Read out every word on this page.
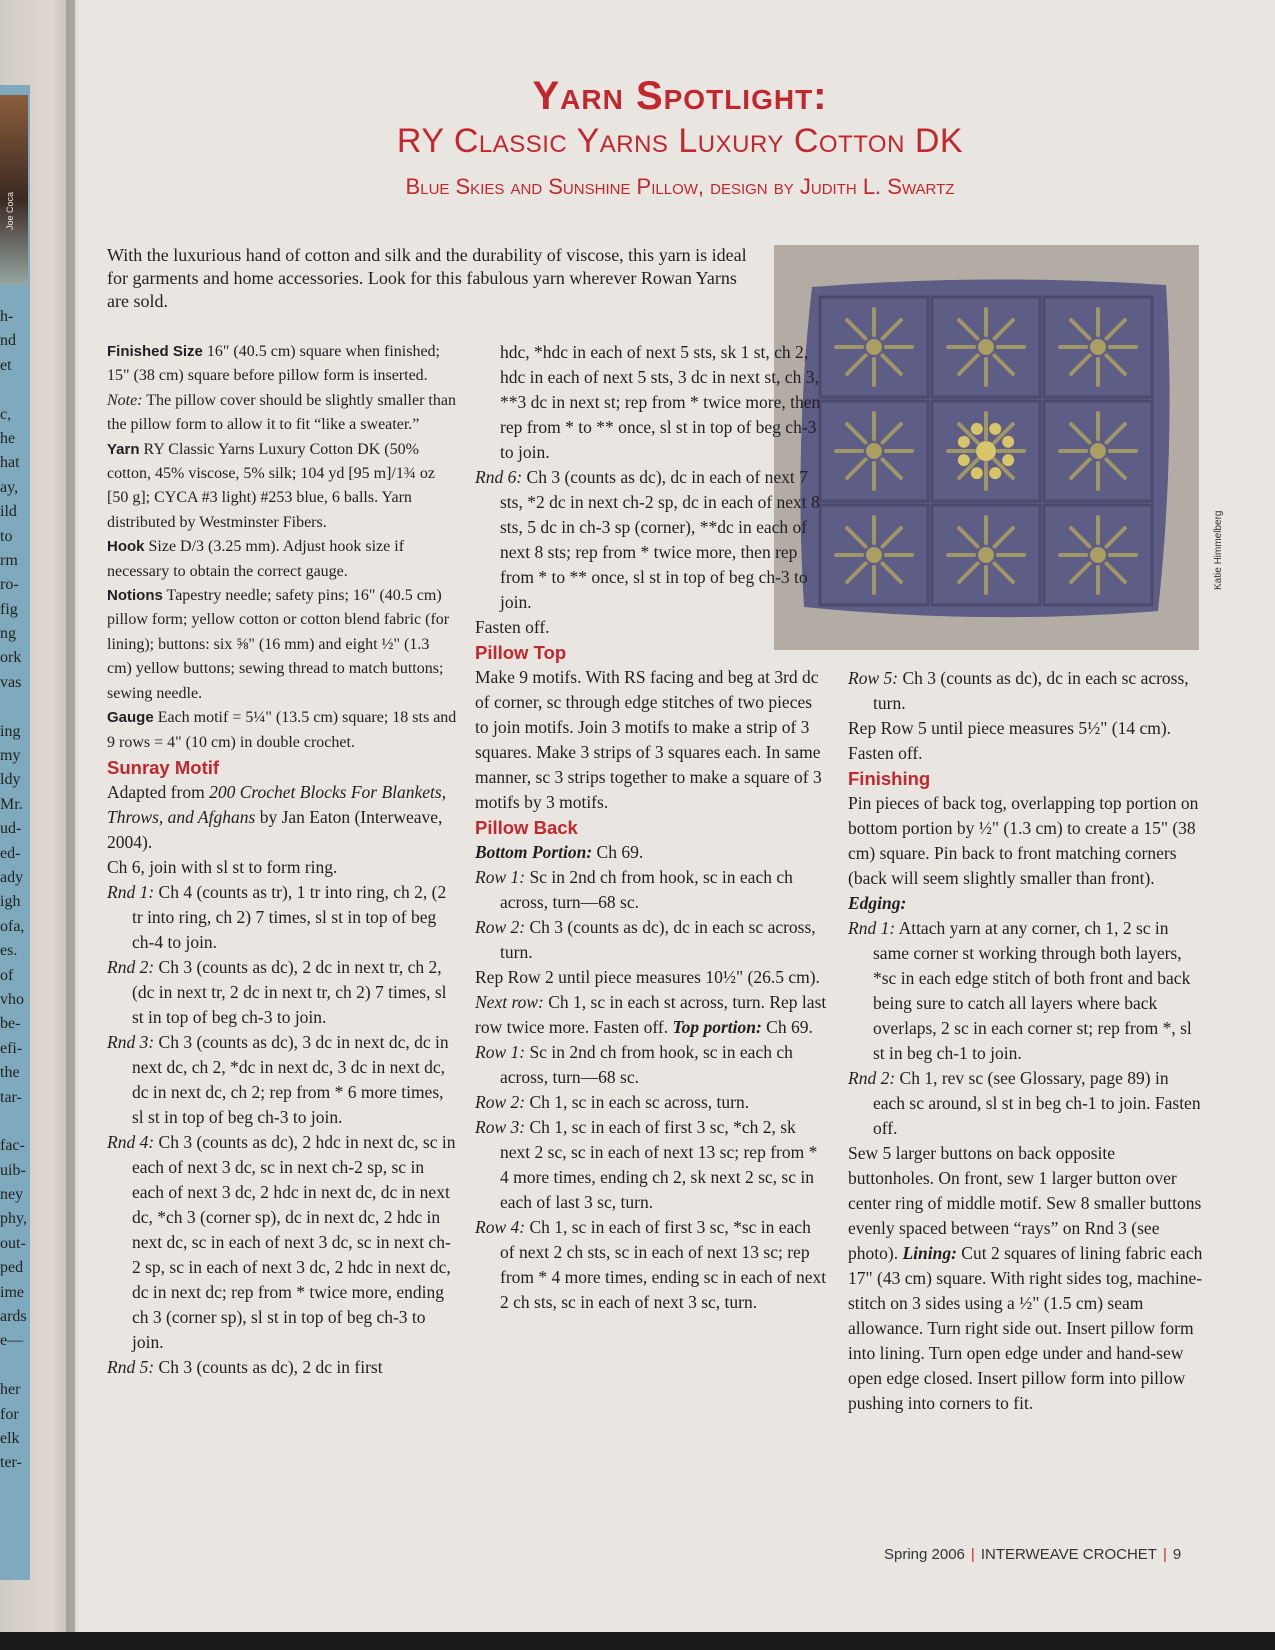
Joe Coca
h-
nd
et
c,
he
hat
ay,
ild
to
rm
ro-
fig
ng
ork
vas
ing
my
ldy
Mr.
ud-
ed-
ady
igh
ofa,
es.
of
vho
be-
efi-
the
tar-
fac-
uib-
ney
phy,
out-
ped
ime
ards
e—
her
for
elk
ter-
Yarn Spotlight:
RY Classic Yarns Luxury Cotton DK
Blue Skies and Sunshine Pillow, design by Judith L. Swartz
With the luxurious hand of cotton and silk and the durability of viscose, this yarn is ideal for garments and home accessories. Look for this fabulous yarn wherever Rowan Yarns are sold.
Katie Himmelberg

Finished Size 16" (40.5 cm) square when finished; 15" (38 cm) square before pillow form is inserted. Note: The pillow cover should be slightly smaller than the pillow form to allow it to fit “like a sweater.”

Yarn RY Classic Yarns Luxury Cotton DK (50% cotton, 45% viscose, 5% silk; 104 yd [95 m]/1¾ oz [50 g]; CYCA #3 light) #253 blue, 6 balls. Yarn distributed by Westminster Fibers.

Hook Size D/3 (3.25 mm). Adjust hook size if necessary to obtain the correct gauge.

Notions Tapestry needle; safety pins; 16" (40.5 cm) pillow form; yellow cotton or cotton blend fabric (for lining); buttons: six ⅝" (16 mm) and eight ½" (1.3 cm) yellow buttons; sewing thread to match buttons; sewing needle.

Gauge Each motif = 5¼" (13.5 cm) square; 18 sts and 9 rows = 4" (10 cm) in double crochet.

Sunray Motif

Adapted from 200 Crochet Blocks For Blankets, Throws, and Afghans by Jan Eaton (Interweave, 2004).

Ch 6, join with sl st to form ring.

Rnd 1: Ch 4 (counts as tr), 1 tr into ring, ch 2, (2 tr into ring, ch 2) 7 times, sl st in top of beg ch-4 to join.

Rnd 2: Ch 3 (counts as dc), 2 dc in next tr, ch 2, (dc in next tr, 2 dc in next tr, ch 2) 7 times, sl st in top of beg ch-3 to join.

Rnd 3: Ch 3 (counts as dc), 3 dc in next dc, dc in next dc, ch 2, *dc in next dc, 3 dc in next dc, dc in next dc, ch 2; rep from * 6 more times, sl st in top of beg ch-3 to join.

Rnd 4: Ch 3 (counts as dc), 2 hdc in next dc, sc in each of next 3 dc, sc in next ch-2 sp, sc in each of next 3 dc, 2 hdc in next dc, dc in next dc, *ch 3 (corner sp), dc in next dc, 2 hdc in next dc, sc in each of next 3 dc, sc in next ch-2 sp, sc in each of next 3 dc, 2 hdc in next dc, dc in next dc; rep from * twice more, ending ch 3 (corner sp), sl st in top of beg ch-3 to join.

Rnd 5: Ch 3 (counts as dc), 2 dc in first

hdc, *hdc in each of next 5 sts, sk 1 st, ch 2, hdc in each of next 5 sts, 3 dc in next st, ch 3, **3 dc in next st; rep from * twice more, then rep from * to ** once, sl st in top of beg ch-3 to join.

Rnd 6: Ch 3 (counts as dc), dc in each of next 7 sts, *2 dc in next ch-2 sp, dc in each of next 8 sts, 5 dc in ch-3 sp (corner), **dc in each of next 8 sts; rep from * twice more, then rep from * to ** once, sl st in top of beg ch-3 to join.

Fasten off.

Pillow Top

Make 9 motifs. With RS facing and beg at 3rd dc of corner, sc through edge stitches of two pieces to join motifs. Join 3 motifs to make a strip of 3 squares. Make 3 strips of 3 squares each. In same manner, sc 3 strips together to make a square of 3 motifs by 3 motifs.

Pillow Back

Bottom Portion: Ch 69.

Row 1: Sc in 2nd ch from hook, sc in each ch across, turn—68 sc.

Row 2: Ch 3 (counts as dc), dc in each sc across, turn.

Rep Row 2 until piece measures 10½" (26.5 cm). Next row: Ch 1, sc in each st across, turn. Rep last row twice more. Fasten off. Top portion: Ch 69.

Row 1: Sc in 2nd ch from hook, sc in each ch across, turn—68 sc.

Row 2: Ch 1, sc in each sc across, turn.

Row 3: Ch 1, sc in each of first 3 sc, *ch 2, sk next 2 sc, sc in each of next 13 sc; rep from * 4 more times, ending ch 2, sk next 2 sc, sc in each of last 3 sc, turn.

Row 4: Ch 1, sc in each of first 3 sc, *sc in each of next 2 ch sts, sc in each of next 13 sc; rep from * 4 more times, ending sc in each of next 2 ch sts, sc in each of next 3 sc, turn.

Row 5: Ch 3 (counts as dc), dc in each sc across, turn.

Rep Row 5 until piece measures 5½" (14 cm). Fasten off.

Finishing

Pin pieces of back tog, overlapping top portion on bottom portion by ½" (1.3 cm) to create a 15" (38 cm) square. Pin back to front matching corners (back will seem slightly smaller than front). Edging:

Rnd 1: Attach yarn at any corner, ch 1, 2 sc in same corner st working through both layers, *sc in each edge stitch of both front and back being sure to catch all layers where back overlaps, 2 sc in each corner st; rep from *, sl st in beg ch-1 to join.

Rnd 2: Ch 1, rev sc (see Glossary, page 89) in each sc around, sl st in beg ch-1 to join. Fasten off.

Sew 5 larger buttons on back opposite buttonholes. On front, sew 1 larger button over center ring of middle motif. Sew 8 smaller buttons evenly spaced between “rays” on Rnd 3 (see photo). Lining: Cut 2 squares of lining fabric each 17" (43 cm) square. With right sides tog, machine-stitch on 3 sides using a ½" (1.5 cm) seam allowance. Turn right side out. Insert pillow form into lining. Turn open edge under and hand-sew open edge closed. Insert pillow form into pillow pushing into corners to fit.

Spring 2006 | INTERWEAVE CROCHET | 9
